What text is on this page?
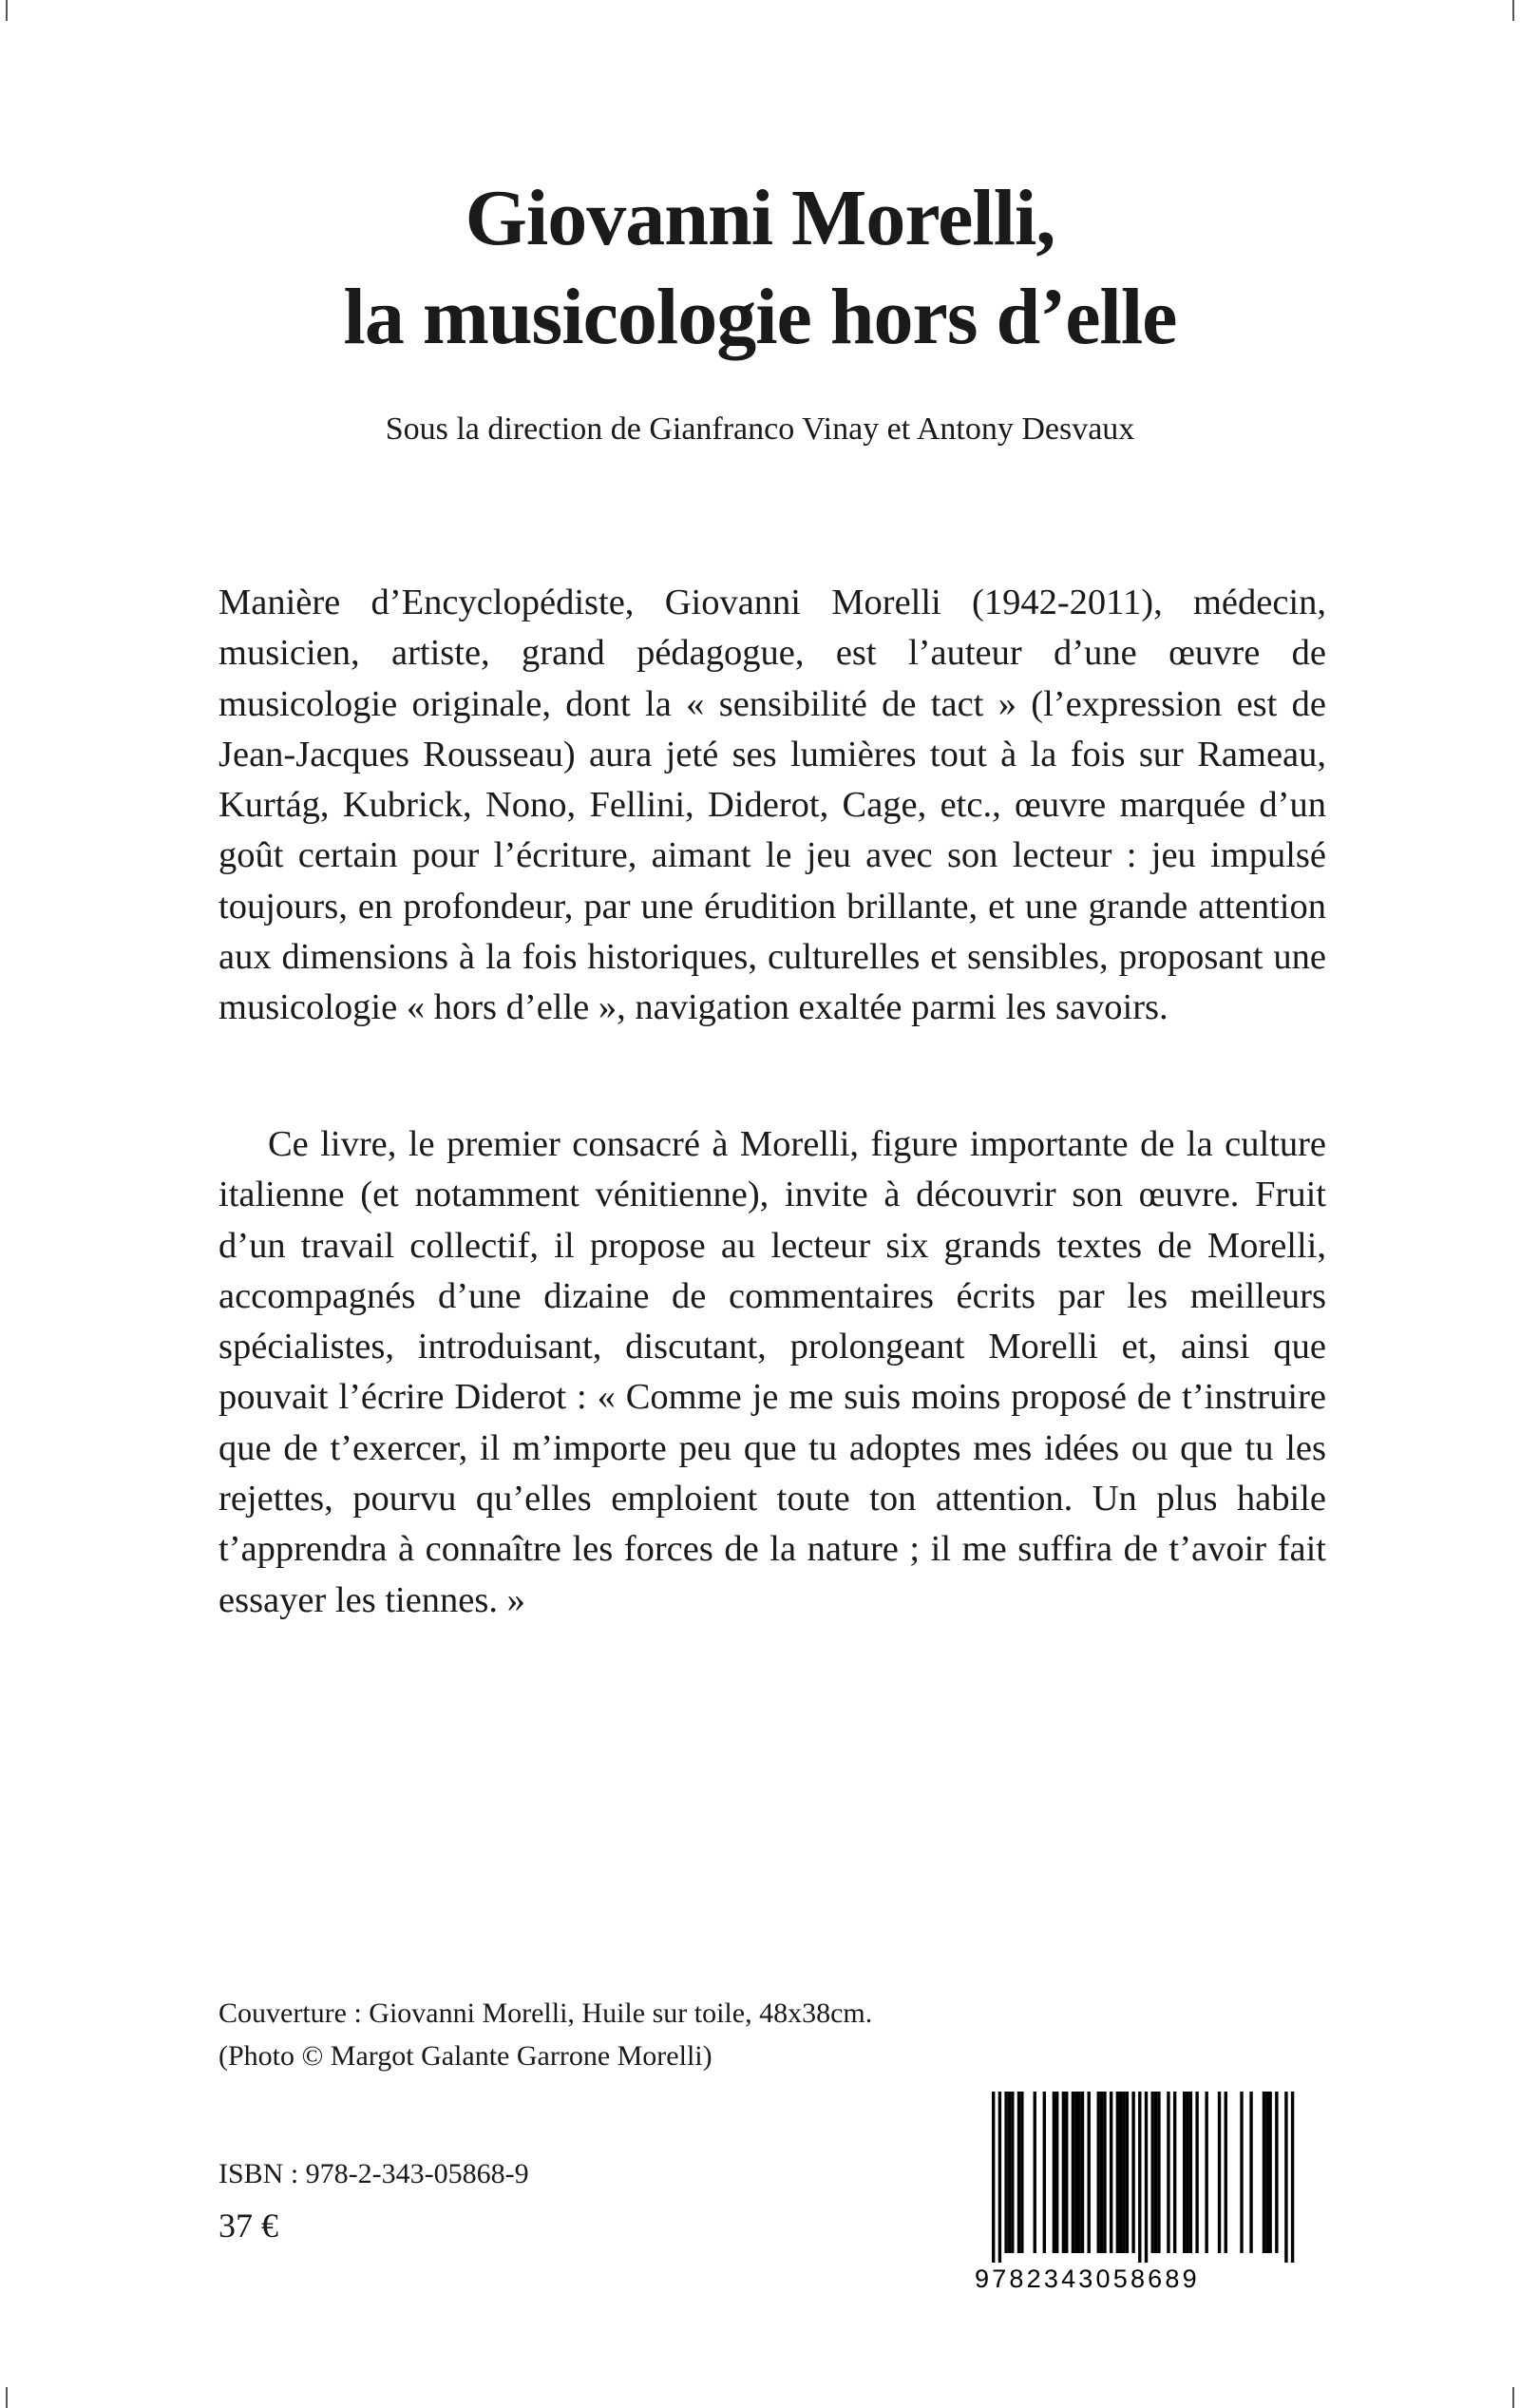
Giovanni Morelli,
la musicologie hors d’elle

Sous la direction de Gianfranco Vinay et Antony Desvaux

Manière d’Encyclopédiste, Giovanni Morelli (1942-2011), médecin, musicien, artiste, grand pédagogue, est l’auteur d’une œuvre de musicologie originale, dont la « sensibilité de tact » (l’expression est de Jean-Jacques Rousseau) aura jeté ses lumières tout à la fois sur Rameau, Kurtág, Kubrick, Nono, Fellini, Diderot, Cage, etc., œuvre marquée d’un goût certain pour l’écriture, aimant le jeu avec son lecteur : jeu impulsé toujours, en profondeur, par une érudition brillante, et une grande attention aux dimensions à la fois historiques, culturelles et sensibles, proposant une musicologie « hors d’elle », navigation exaltée parmi les savoirs.

Ce livre, le premier consacré à Morelli, figure importante de la culture italienne (et notamment vénitienne), invite à découvrir son œuvre. Fruit d’un travail collectif, il propose au lecteur six grands textes de Morelli, accompagnés d’une dizaine de commentaires écrits par les meilleurs spécialistes, introduisant, discutant, prolongeant Morelli et, ainsi que pouvait l’écrire Diderot : « Comme je me suis moins proposé de t’instruire que de t’exercer, il m’importe peu que tu adoptes mes idées ou que tu les rejettes, pourvu qu’elles emploient toute ton attention. Un plus habile t’apprendra à connaître les forces de la nature ; il me suffira de t’avoir fait essayer les tiennes. »

Couverture : Giovanni Morelli, Huile sur toile, 48x38cm.
(Photo © Margot Galante Garrone Morelli)

ISBN : 978-2-343-05868-9
37 €
9782343058689
